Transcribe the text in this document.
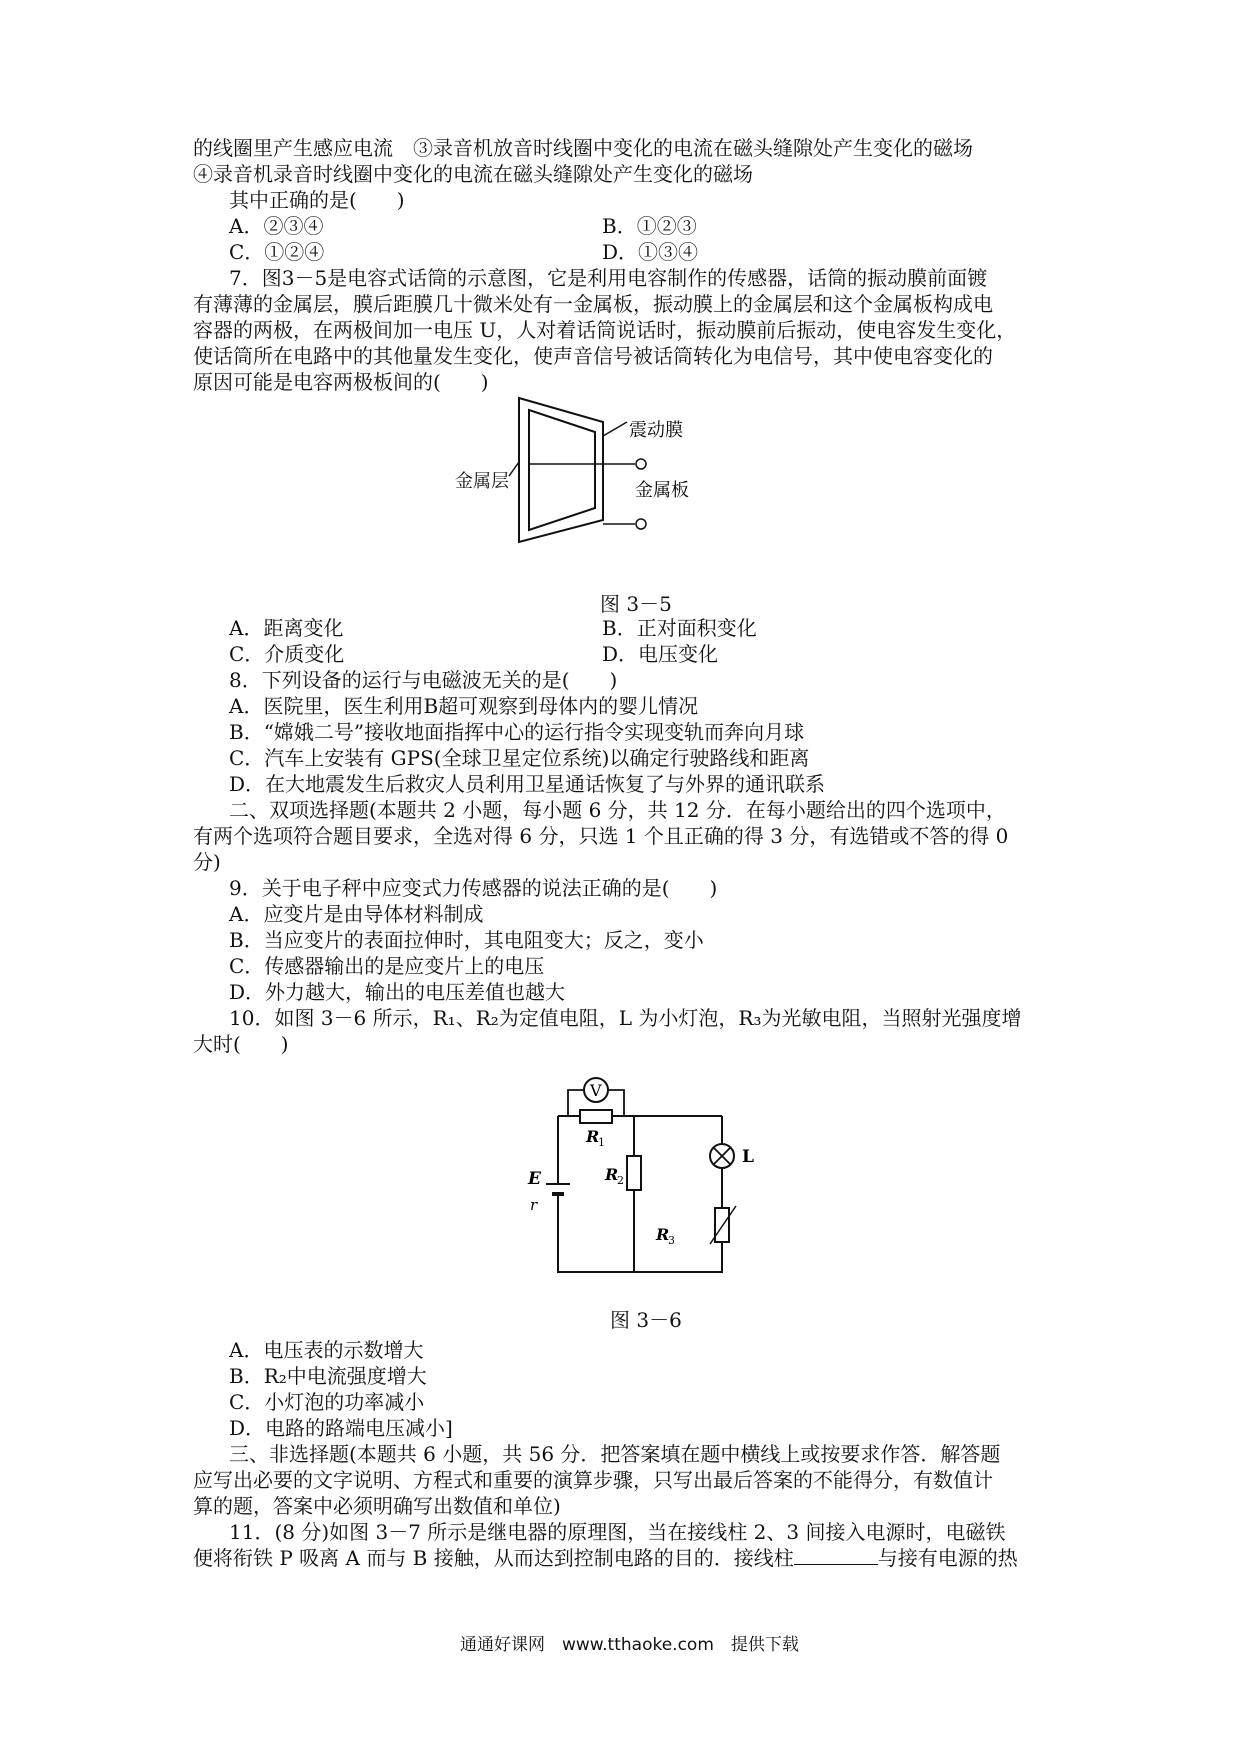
的线圈里产生感应电流　③录音机放音时线圈中变化的电流在磁头缝隙处产生变化的磁场
④录音机录音时线圈中变化的电流在磁头缝隙处产生变化的磁场
其中正确的是(　　)
A．②③④	B．①②③
C．①②④	D．①③④
7．图3－5是电容式话筒的示意图，它是利用电容制作的传感器，话筒的振动膜前面镀
有薄薄的金属层，膜后距膜几十微米处有一金属板，振动膜上的金属层和这个金属板构成电
容器的两极，在两极间加一电压 U，人对着话筒说话时，振动膜前后振动，使电容发生变化，
使话筒所在电路中的其他量发生变化，使声音信号被话筒转化为电信号，其中使电容变化的
原因可能是电容两极板间的(　　)
震动膜
金属板
金属层
图 3－5
A．距离变化	B．正对面积变化
C．介质变化	D．电压变化
8．下列设备的运行与电磁波无关的是(　　)
A．医院里，医生利用B超可观察到母体内的婴儿情况
B．“嫦娥二号”接收地面指挥中心的运行指令实现变轨而奔向月球
C．汽车上安装有 GPS(全球卫星定位系统)以确定行驶路线和距离
D．在大地震发生后救灾人员利用卫星通话恢复了与外界的通讯联系
二、双项选择题(本题共 2 小题，每小题 6 分，共 12 分．在每小题给出的四个选项中，
有两个选项符合题目要求，全选对得 6 分，只选 1 个且正确的得 3 分，有选错或不答的得 0
分)
9．关于电子秤中应变式力传感器的说法正确的是(　　)
A．应变片是由导体材料制成
B．当应变片的表面拉伸时，其电阻变大；反之，变小
C．传感器输出的是应变片上的电压
D．外力越大，输出的电压差值也越大
10．如图 3－6 所示，R₁、R₂为定值电阻，L 为小灯泡，R₃为光敏电阻，当照射光强度增
大时(　　)
V
R
1
E
r
R
2
L
R
3
图 3－6
A．电压表的示数增大
B．R₂中电流强度增大
C．小灯泡的功率减小
D．电路的路端电压减小]
三、非选择题(本题共 6 小题，共 56 分．把答案填在题中横线上或按要求作答．解答题
应写出必要的文字说明、方程式和重要的演算步骤，只写出最后答案的不能得分，有数值计
算的题，答案中必须明确写出数值和单位)
11．(8 分)如图 3－7 所示是继电器的原理图，当在接线柱 2、3 间接入电源时，电磁铁
便将衔铁 P 吸离 A 而与 B 接触，从而达到控制电路的目的．接线柱	与接有电源的热
通通好课网　www.tthaoke.com　提供下载
